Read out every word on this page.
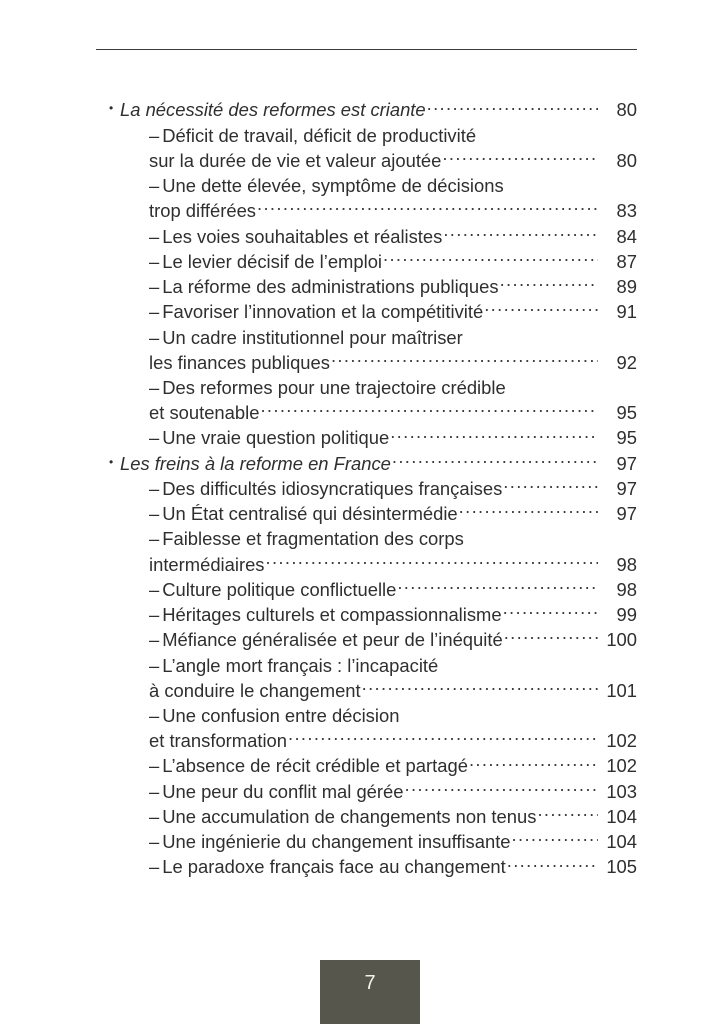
• La nécessité des reformes est criante .....	80
– Déficit de travail, déficit de productivité
sur la durée de vie et valeur ajoutée .....	80
– Une dette élevée, symptôme de décisions
trop différées .....	83
– Les voies souhaitables et réalistes .....	84
– Le levier décisif de l’emploi .....	87
– La réforme des administrations publiques .....	89
– Favoriser l’innovation et la compétitivité .....	91
– Un cadre institutionnel pour maîtriser
les finances publiques .....	92
– Des reformes pour une trajectoire crédible
et soutenable .....	95
– Une vraie question politique .....	95
• Les freins à la reforme en France .....	97
– Des difficultés idiosyncratiques françaises .....	97
– Un État centralisé qui désintermédie .....	97
– Faiblesse et fragmentation des corps
intermédiaires .....	98
– Culture politique conflictuelle .....	98
– Héritages culturels et compassionnalisme .....	99
– Méfiance généralisée et peur de l’inéquité .....	100
– L’angle mort français : l’incapacité
à conduire le changement .....	101
– Une confusion entre décision
et transformation .....	102
– L’absence de récit crédible et partagé .....	102
– Une peur du conflit mal gérée .....	103
– Une accumulation de changements non tenus .....	104
– Une ingénierie du changement insuffisante .....	104
– Le paradoxe français face au changement .....	105
7
